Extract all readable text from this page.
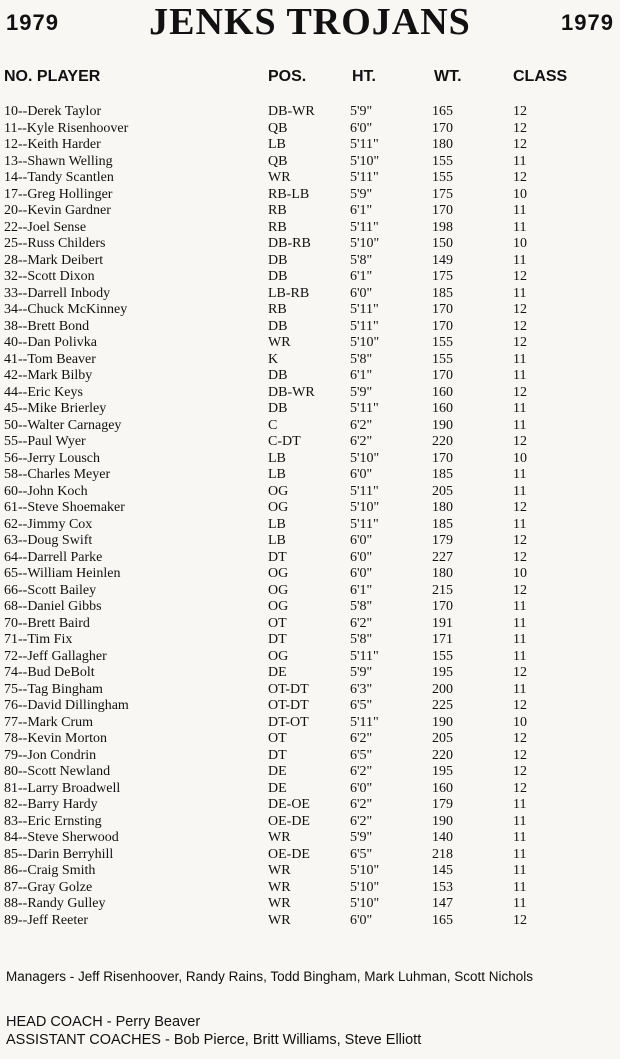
1979	JENKS TROJANS	1979
NO. PLAYER	POS.	HT.	WT.	CLASS
10--Derek Taylor	DB-WR	5'9"	165	12
11--Kyle Risenhoover	QB	6'0"	170	12
12--Keith Harder	LB	5'11"	180	12
13--Shawn Welling	QB	5'10"	155	11
14--Tandy Scantlen	WR	5'11"	155	12
17--Greg Hollinger	RB-LB	5'9"	175	10
20--Kevin Gardner	RB	6'1"	170	11
22--Joel Sense	RB	5'11"	198	11
25--Russ Childers	DB-RB	5'10"	150	10
28--Mark Deibert	DB	5'8"	149	11
32--Scott Dixon	DB	6'1"	175	12
33--Darrell Inbody	LB-RB	6'0"	185	11
34--Chuck McKinney	RB	5'11"	170	12
38--Brett Bond	DB	5'11"	170	12
40--Dan Polivka	WR	5'10"	155	12
41--Tom Beaver	K	5'8"	155	11
42--Mark Bilby	DB	6'1"	170	11
44--Eric Keys	DB-WR	5'9"	160	12
45--Mike Brierley	DB	5'11"	160	11
50--Walter Carnagey	C	6'2"	190	11
55--Paul Wyer	C-DT	6'2"	220	12
56--Jerry Lousch	LB	5'10"	170	10
58--Charles Meyer	LB	6'0"	185	11
60--John Koch	OG	5'11"	205	11
61--Steve Shoemaker	OG	5'10"	180	12
62--Jimmy Cox	LB	5'11"	185	11
63--Doug Swift	LB	6'0"	179	12
64--Darrell Parke	DT	6'0"	227	12
65--William Heinlen	OG	6'0"	180	10
66--Scott Bailey	OG	6'1"	215	12
68--Daniel Gibbs	OG	5'8"	170	11
70--Brett Baird	OT	6'2"	191	11
71--Tim Fix	DT	5'8"	171	11
72--Jeff Gallagher	OG	5'11"	155	11
74--Bud DeBolt	DE	5'9"	195	12
75--Tag Bingham	OT-DT	6'3"	200	11
76--David Dillingham	OT-DT	6'5"	225	12
77--Mark Crum	DT-OT	5'11"	190	10
78--Kevin Morton	OT	6'2"	205	12
79--Jon Condrin	DT	6'5"	220	12
80--Scott Newland	DE	6'2"	195	12
81--Larry Broadwell	DE	6'0"	160	12
82--Barry Hardy	DE-OE	6'2"	179	11
83--Eric Ernsting	OE-DE	6'2"	190	11
84--Steve Sherwood	WR	5'9"	140	11
85--Darin Berryhill	OE-DE	6'5"	218	11
86--Craig Smith	WR	5'10"	145	11
87--Gray Golze	WR	5'10"	153	11
88--Randy Gulley	WR	5'10"	147	11
89--Jeff Reeter	WR	6'0"	165	12
Managers - Jeff Risenhoover, Randy Rains, Todd Bingham, Mark Luhman, Scott Nichols
HEAD COACH - Perry Beaver
ASSISTANT COACHES - Bob Pierce, Britt Williams, Steve Elliott
